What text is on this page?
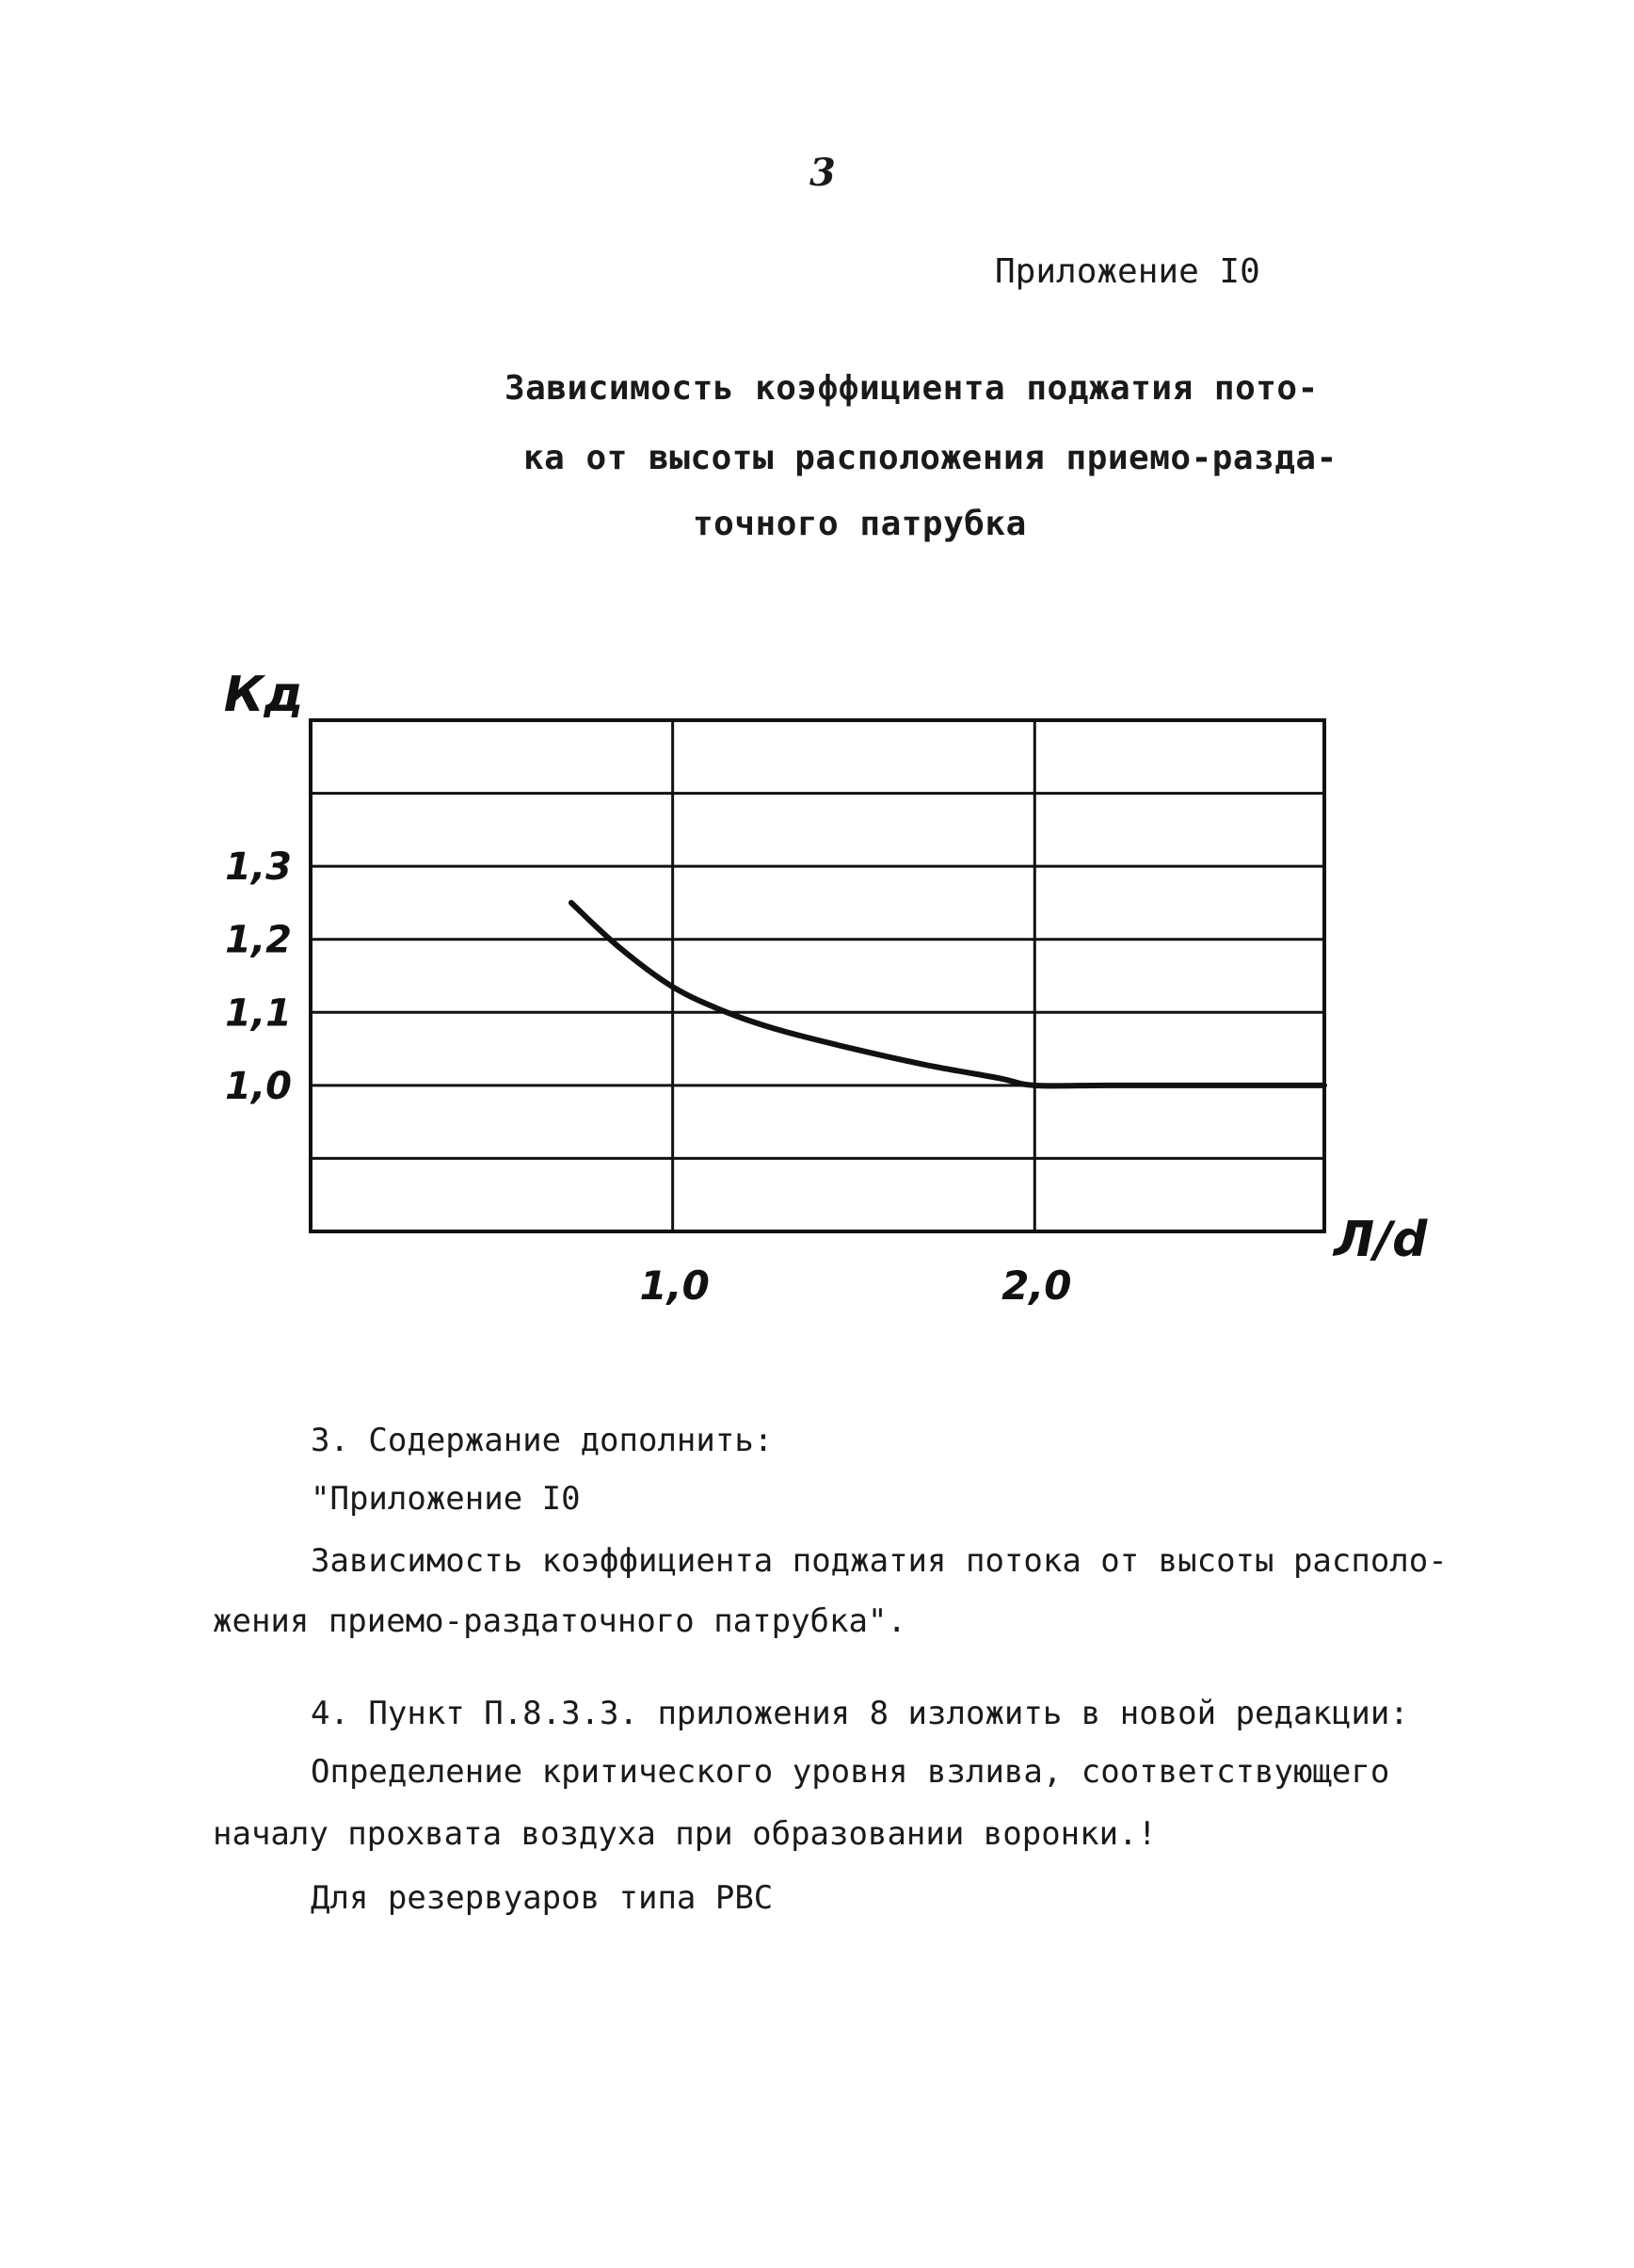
3
Приложение I0
Зависимость коэффициента поджатия пото-
ка от высоты расположения приемо-разда-
точного патрубка
1,0
1,1
1,2
1,3
1,0	2,0
Кд
Л/d
3. Содержание дополнить:
"Приложение I0
Зависимость коэффициента поджатия потока от высоты располо-
жения приемо-раздаточного патрубка".
4. Пункт П.8.3.3. приложения 8 изложить в новой редакции:
Определение критического уровня взлива, соответствующего
началу прохвата воздуха при образовании воронки.!
Для резервуаров типа РВС
